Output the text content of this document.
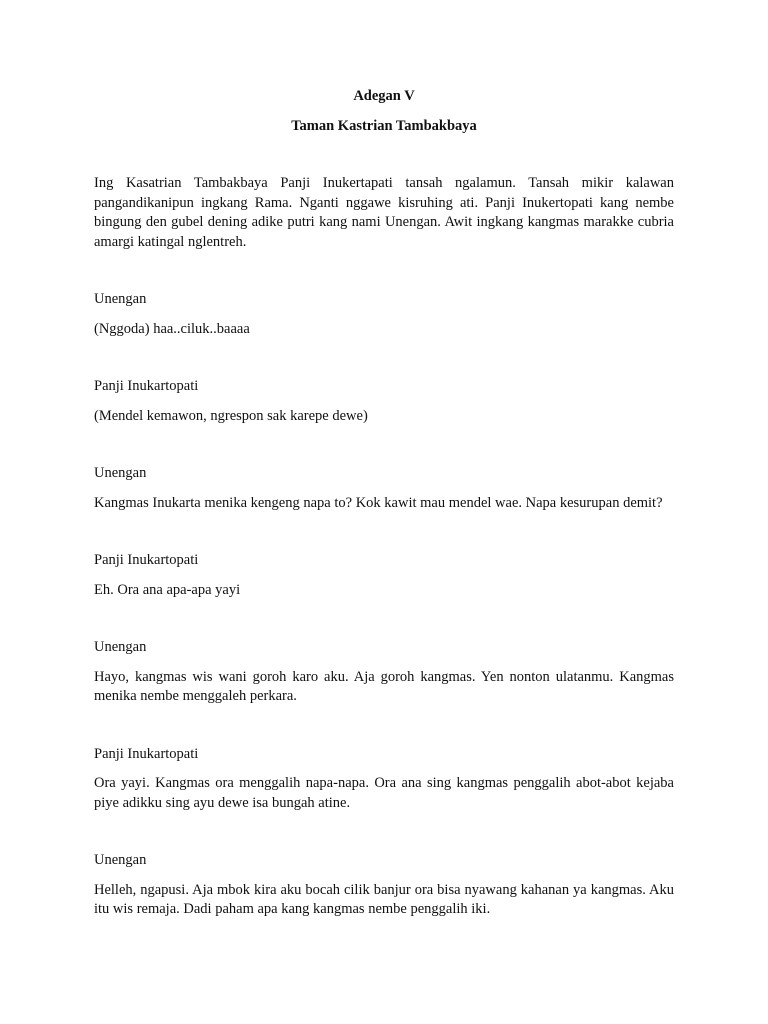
Adegan V

Taman Kastrian Tambakbaya

Ing Kasatrian Tambakbaya Panji Inukertapati tansah ngalamun. Tansah mikir kalawan pangandikanipun ingkang Rama. Nganti nggawe kisruhing ati. Panji Inukertopati kang nembe bingung den gubel dening adike putri kang nami Unengan. Awit ingkang kangmas marakke cubria amargi katingal nglentreh.

Unengan

(Nggoda) haa..ciluk..baaaa

Panji Inukartopati

(Mendel kemawon, ngrespon sak karepe dewe)

Unengan

Kangmas Inukarta menika kengeng napa to? Kok kawit mau mendel wae. Napa kesurupan demit?

Panji Inukartopati

Eh. Ora ana apa-apa yayi

Unengan

Hayo, kangmas wis wani goroh karo aku. Aja goroh kangmas. Yen nonton ulatanmu. Kangmas menika nembe menggaleh perkara.

Panji Inukartopati

Ora yayi. Kangmas ora menggalih napa-napa. Ora ana sing kangmas penggalih abot-abot kejaba piye adikku sing ayu dewe isa bungah atine.

Unengan

Helleh, ngapusi. Aja mbok kira aku bocah cilik banjur ora bisa nyawang kahanan ya kangmas. Aku itu wis remaja. Dadi paham apa kang kangmas nembe penggalih iki.
